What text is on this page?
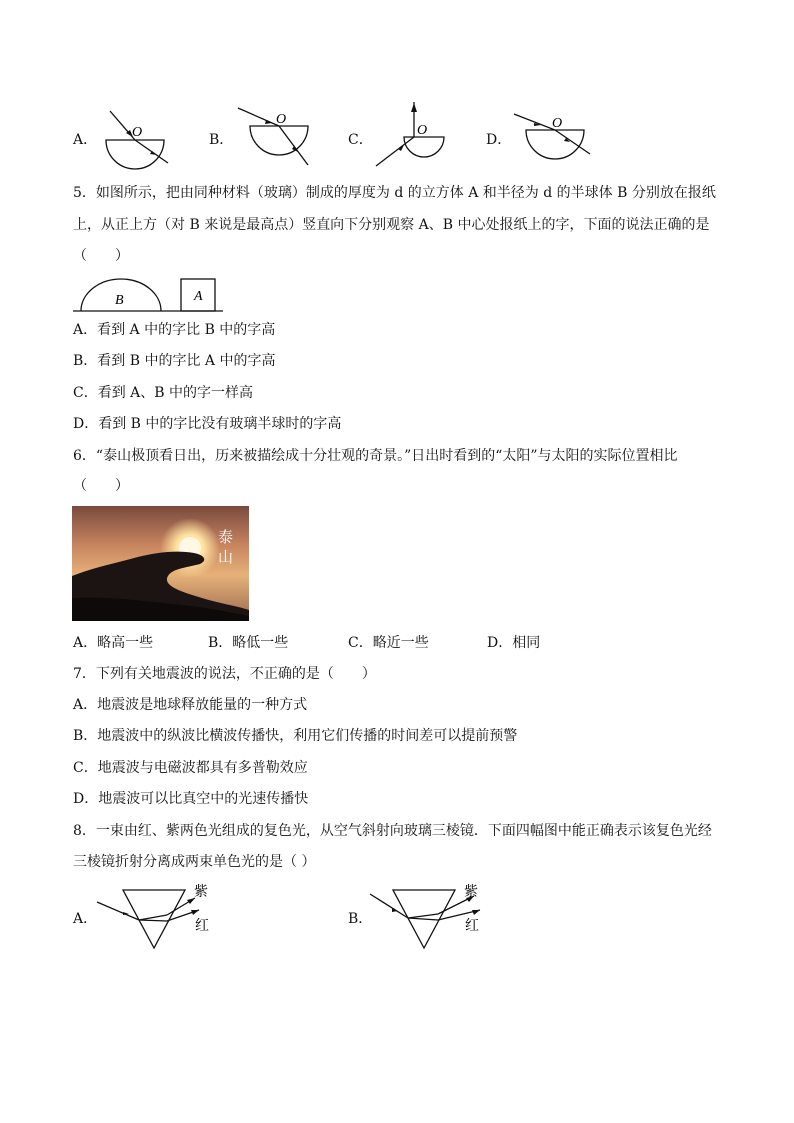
A． O	B．
O
C．
O
D．
O
5．如图所示，把由同种材料（玻璃）制成的厚度为 d 的立方体 A 和半径为 d 的半球体 B 分别放在报纸
上，从正上方（对 B 来说是最高点）竖直向下分别观察 A、B 中心处报纸上的字，下面的说法正确的是
（　　）
B	A
A．看到 A 中的字比 B 中的字高
B．看到 B 中的字比 A 中的字高
C．看到 A、B 中的字一样高
D．看到 B 中的字比没有玻璃半球时的字高
6．“泰山极顶看日出，历来被描绘成十分壮观的奇景。”日出时看到的“太阳”与太阳的实际位置相比
（　　）
泰
山
A．略高一些	B．略低一些	C．略近一些	D．相同
7．下列有关地震波的说法，不正确的是（　　）
A．地震波是地球释放能量的一种方式
B．地震波中的纵波比横波传播快，利用它们传播的时间差可以提前预警
C．地震波与电磁波都具有多普勒效应
D．地震波可以比真空中的光速传播快
8．一束由红、紫两色光组成的复色光，从空气斜射向玻璃三棱镜．下面四幅图中能正确表示该复色光经
三棱镜折射分离成两束单色光的是（ ）
A．
紫
红	B．
紫
红
